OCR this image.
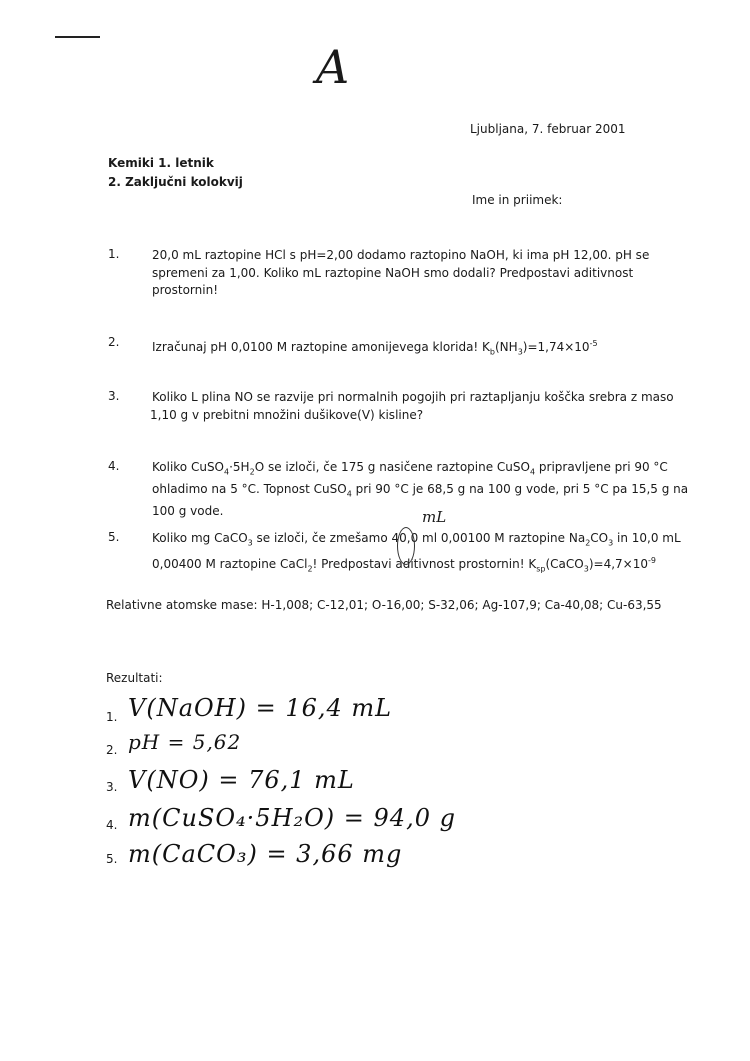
A
Ljubljana, 7. februar 2001
Kemiki 1. letnik
2. Zaključni kolokvij
Ime in priimek:
1.	20,0 mL raztopine HCl s pH=2,00 dodamo raztopino NaOH, ki ima pH 12,00. pH se
spremeni za 1,00. Koliko mL raztopine NaOH smo dodali? Predpostavi aditivnost
prostornin!
2.	Izračunaj pH 0,0100 M raztopine amonijevega klorida! $K_b(NH_3)=1,74\times 10^{-5}$
3.	Koliko L plina NO se razvije pri normalnih pogojih pri raztapljanju koščka srebra z maso
1,10 g v prebitni množini dušikove(V) kisline?
4.	Koliko $CuSO_4\cdot 5H_2O$ se izloči, če 175 g nasičene raztopine CuSO$_4$ pripravljene pri 90 °C
ohladimo na 5 °C. Topnost CuSO$_4$ pri 90 °C je 68,5 g na 100 g vode, pri 5 °C pa 15,5 g na
100 g vode.
5.	Koliko mg CaCO$_3$ se izloči, če zmešamo 40,0 ml 0,00100 M raztopine $Na_2CO_3$ in 10,0 mL
0,00400 M raztopine CaCl$_2$! Predpostavi aditivnost prostornin! $K_{sp}(CaCO_3)=4,7\times 10^{-9}$
mL
Relativne atomske mase: H-1,008; C-12,01; O-16,00; S-32,06; Ag-107,9; Ca-40,08; Cu-63,55
Rezultati:
1. V(NaOH) = 16,4 mL
2. pH = 5,62
3. V(NO) = 76,1 mL
4. m(CuSO₄·5H₂O) = 94,0 g
5. m(CaCO₃) = 3,66 mg
